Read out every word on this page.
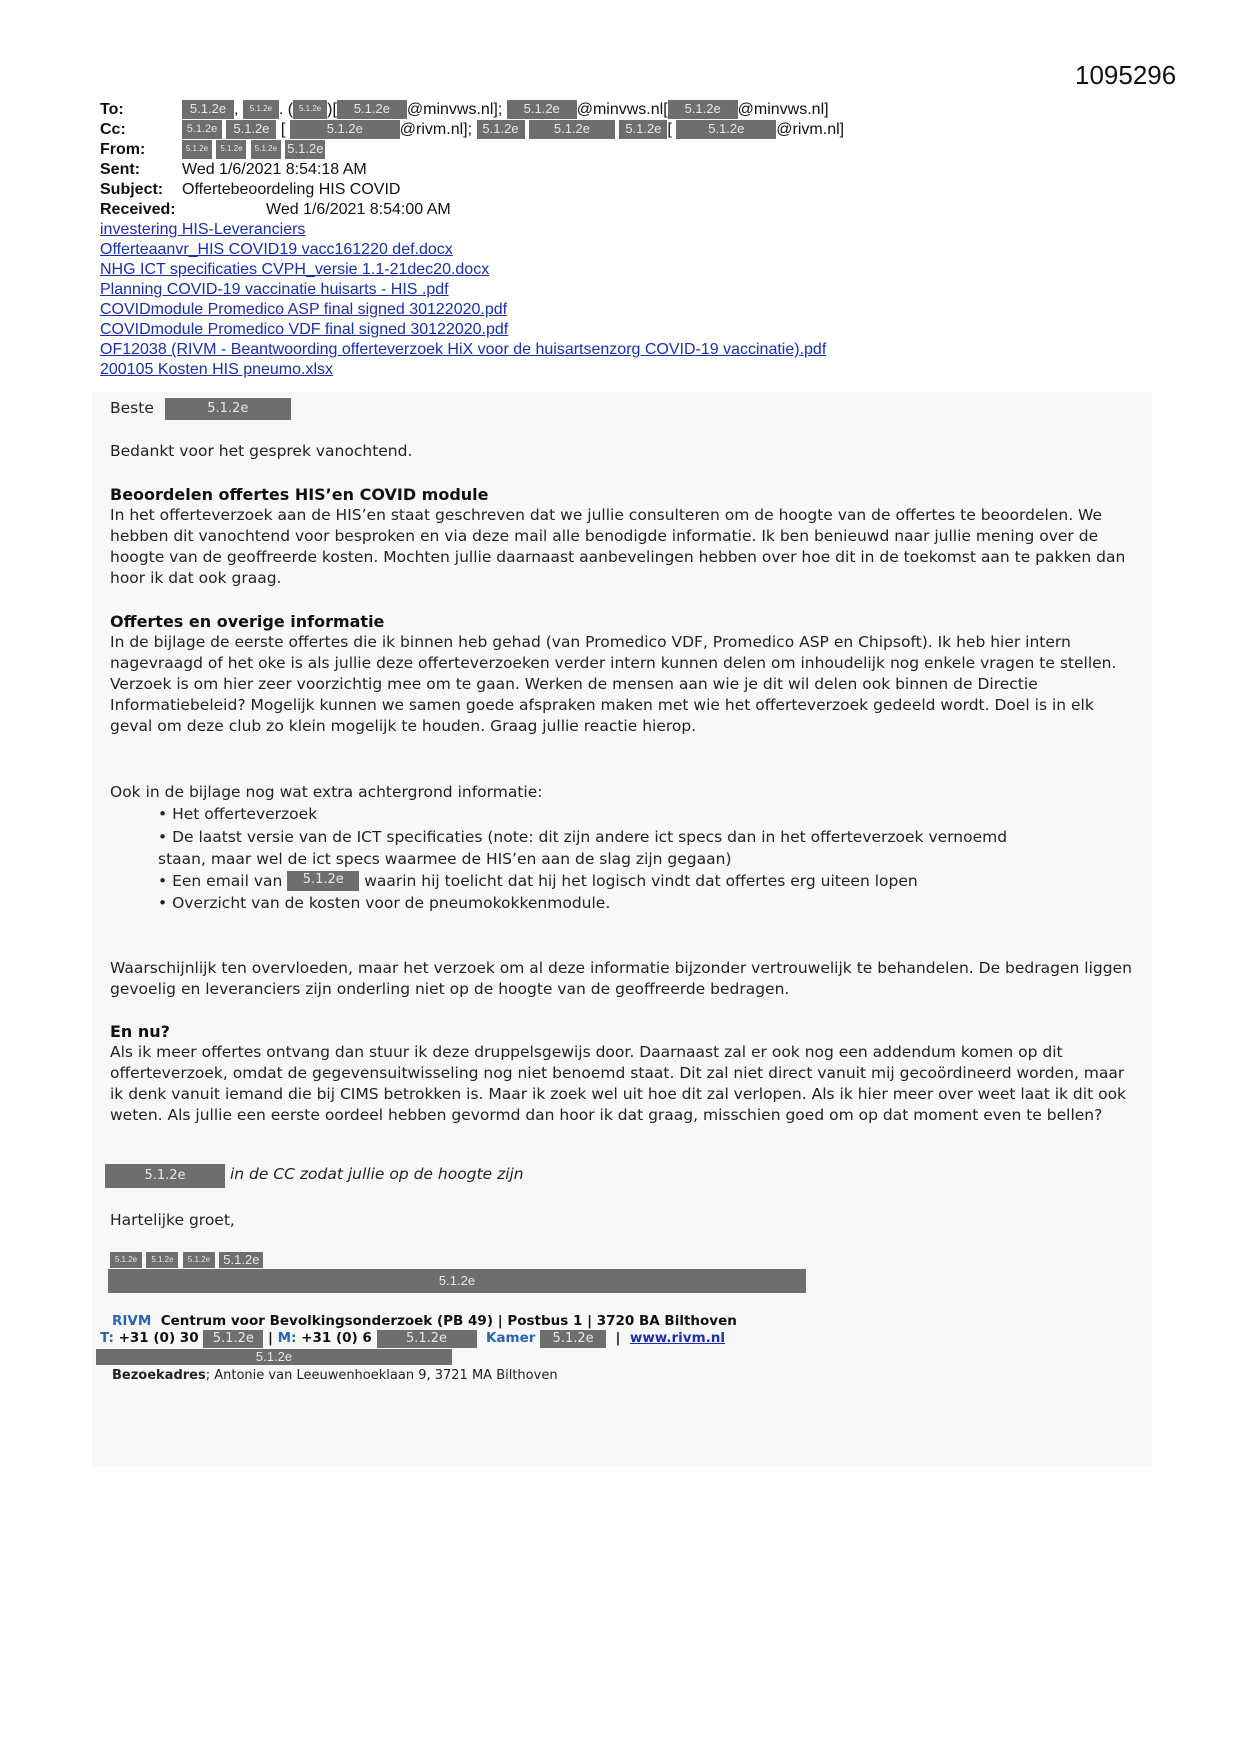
1095296
To:	5.1.2e , 5.1.2e . ( 5.1.2e )[ 5.1.2e @minvws.nl]; 5.1.2e @minvws.nl[ 5.1.2e @minvws.nl]
Cc:	5.1.2e 5.1.2e [	5.1.2e @rivm.nl]; 5.1.2e	5.1.2e	5.1.2e [ 5.1.2e @rivm.nl]
From:	5.1.2e 5.1.2e 5.1.2e 5.1.2e
Sent:	Wed 1/6/2021 8:54:18 AM
Subject: Offertebeoordeling HIS COVID
Received:	Wed 1/6/2021 8:54:00 AM
investering HIS-Leveranciers
Offerteaanvr_HIS COVID19 vacc161220 def.docx
NHG ICT specificaties CVPH_versie 1.1-21dec20.docx
Planning COVID-19 vaccinatie huisarts - HIS .pdf
COVIDmodule Promedico ASP final signed 30122020.pdf
COVIDmodule Promedico VDF final signed 30122020.pdf
OF12038 (RIVM - Beantwoording offerteverzoek HiX voor de huisartsenzorg COVID-19 vaccinatie).pdf
200105 Kosten HIS pneumo.xlsx
Beste	5.1.2e
Bedankt voor het gesprek vanochtend.
Beoordelen offertes HIS’en COVID module
In het offerteverzoek aan de HIS’en staat geschreven dat we jullie consulteren om de hoogte van de offertes te beoordelen. We hebben dit vanochtend voor besproken en via deze mail alle benodigde informatie. Ik ben benieuwd naar jullie mening over de hoogte van de geoffreerde kosten. Mochten jullie daarnaast aanbevelingen hebben over hoe dit in de toekomst aan te pakken dan hoor ik dat ook graag.
Offertes en overige informatie
In de bijlage de eerste offertes die ik binnen heb gehad (van Promedico VDF, Promedico ASP en Chipsoft). Ik heb hier intern nagevraagd of het oke is als jullie deze offerteverzoeken verder intern kunnen delen om inhoudelijk nog enkele vragen te stellen. Verzoek is om hier zeer voorzichtig mee om te gaan. Werken de mensen aan wie je dit wil delen ook binnen de Directie Informatiebeleid? Mogelijk kunnen we samen goede afspraken maken met wie het offerteverzoek gedeeld wordt. Doel is in elk geval om deze club zo klein mogelijk te houden. Graag jullie reactie hierop.
Ook in de bijlage nog wat extra achtergrond informatie:
• Het offerteverzoek
• De laatst versie van de ICT specificaties (note: dit zijn andere ict specs dan in het offerteverzoek vernoemd
staan, maar wel de ict specs waarmee de HIS’en aan de slag zijn gegaan)
• Een email van 5.1.2e waarin hij toelicht dat hij het logisch vindt dat offertes erg uiteen lopen
• Overzicht van de kosten voor de pneumokokkenmodule.
Waarschijnlijk ten overvloeden, maar het verzoek om al deze informatie bijzonder vertrouwelijk te behandelen. De bedragen liggen gevoelig en leveranciers zijn onderling niet op de hoogte van de geoffreerde bedragen.
En nu?
Als ik meer offertes ontvang dan stuur ik deze druppelsgewijs door. Daarnaast zal er ook nog een addendum komen op dit offerteverzoek, omdat de gegevensuitwisseling nog niet benoemd staat. Dit zal niet direct vanuit mij gecoördineerd worden, maar ik denk vanuit iemand die bij CIMS betrokken is. Maar ik zoek wel uit hoe dit zal verlopen. Als ik hier meer over weet laat ik dit ook weten. Als jullie een eerste oordeel hebben gevormd dan hoor ik dat graag, misschien goed om op dat moment even te bellen?
5.1.2e	in de CC zodat jullie op de hoogte zijn
Hartelijke groet,
5.1.2e 5.1.2e 5.1.2e 5.1.2e
5.1.2e
RIVM Centrum voor Bevolkingsonderzoek (PB 49) | Postbus 1 | 3720 BA Bilthoven
T: +31 (0) 30 5.1.2e | M: +31 (0) 6	5.1.2e	Kamer 5.1.2e | www.rivm.nl
5.1.2e
Bezoekadres; Antonie van Leeuwenhoeklaan 9, 3721 MA Bilthoven
